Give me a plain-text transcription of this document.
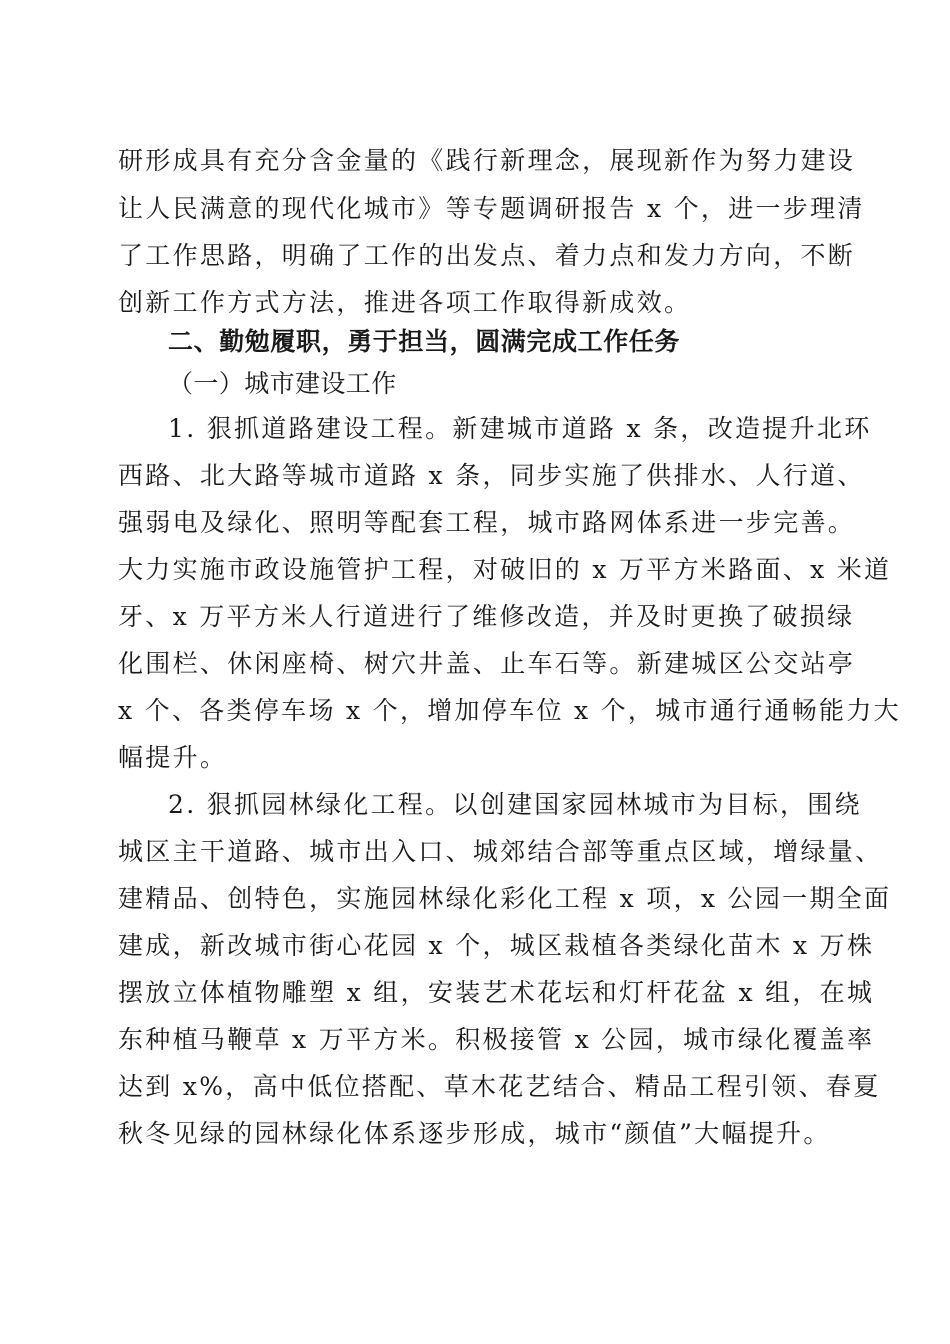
研形成具有充分含金量的《践行新理念，展现新作为努力建设
让人民满意的现代化城市》等专题调研报告 x 个，进一步理清
了工作思路，明确了工作的出发点、着力点和发力方向，不断
创新工作方式方法，推进各项工作取得新成效。
二、勤勉履职，勇于担当，圆满完成工作任务
（一）城市建设工作
1. 狠抓道路建设工程。新建城市道路 x 条，改造提升北环
西路、北大路等城市道路 x 条，同步实施了供排水、人行道、
强弱电及绿化、照明等配套工程，城市路网体系进一步完善。
大力实施市政设施管护工程，对破旧的 x 万平方米路面、x 米道
牙、x 万平方米人行道进行了维修改造，并及时更换了破损绿
化围栏、休闲座椅、树穴井盖、止车石等。新建城区公交站亭
x 个、各类停车场 x 个，增加停车位 x 个，城市通行通畅能力大
幅提升。
2. 狠抓园林绿化工程。以创建国家园林城市为目标，围绕
城区主干道路、城市出入口、城郊结合部等重点区域，增绿量、
建精品、创特色，实施园林绿化彩化工程 x 项，x 公园一期全面
建成，新改城市街心花园 x 个，城区栽植各类绿化苗木 x 万株
摆放立体植物雕塑 x 组，安装艺术花坛和灯杆花盆 x 组，在城
东种植马鞭草 x 万平方米。积极接管 x 公园，城市绿化覆盖率
达到 x%，高中低位搭配、草木花艺结合、精品工程引领、春夏
秋冬见绿的园林绿化体系逐步形成，城市“颜值”大幅提升。
